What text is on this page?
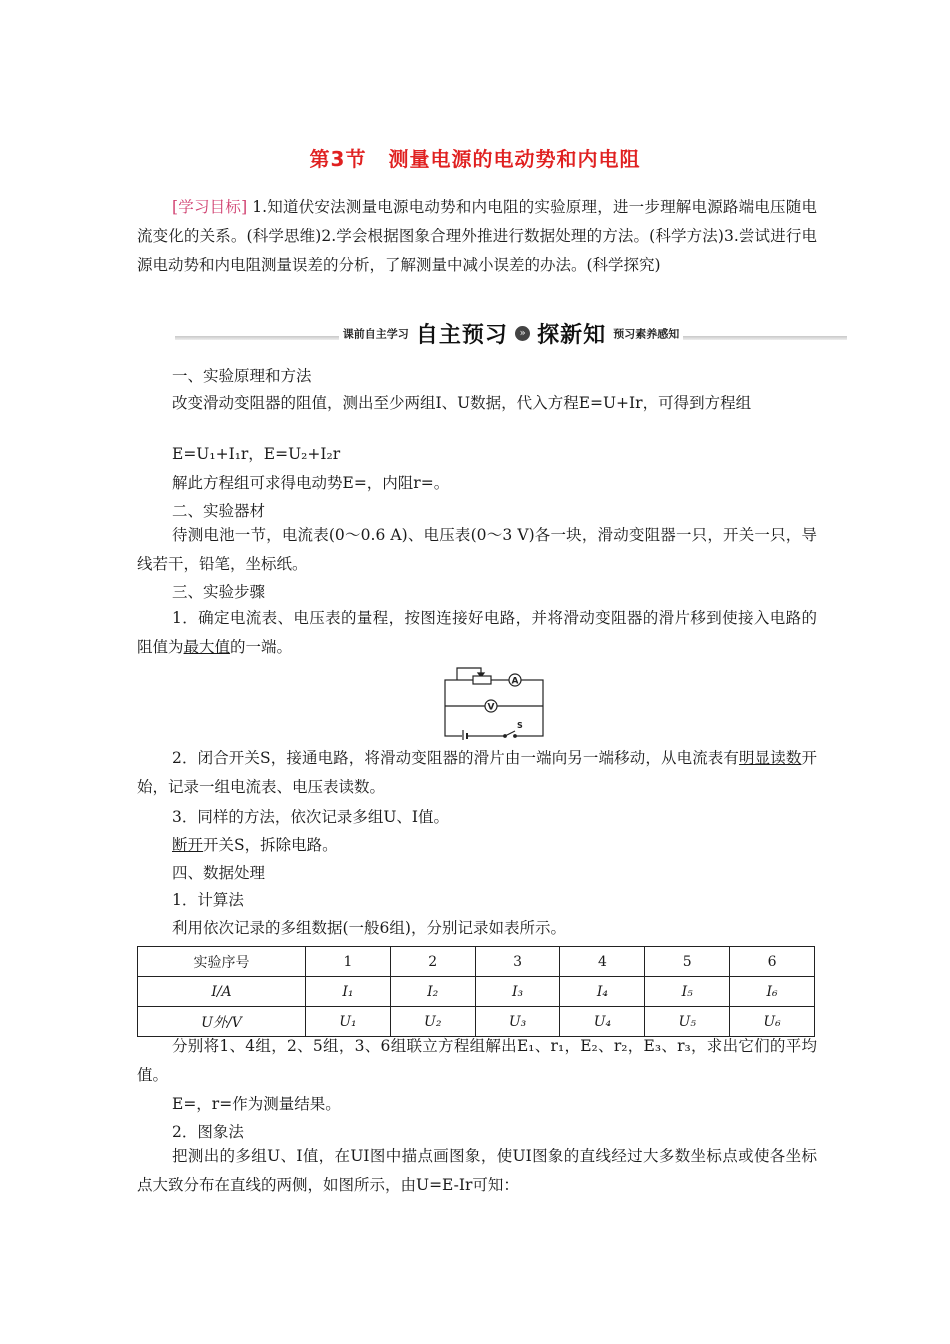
第3节 测量电源的电动势和内电阻
[学习目标] 1.知道伏安法测量电源电动势和内电阻的实验原理，进一步理解电源路端电压随电流变化的关系。(科学思维)2.学会根据图象合理外推进行数据处理的方法。(科学方法)3.尝试进行电源电动势和内电阻测量误差的分析，了解测量中减小误差的办法。(科学探究)
课前自主学习 自主预习 » 探新知 预习素养感知
一、实验原理和方法
改变滑动变阻器的阻值，测出至少两组I、U数据，代入方程E=U+Ir，可得到方程组
E=U₁+I₁r，E=U₂+I₂r
解此方程组可求得电动势E=，内阻r=。
二、实验器材
待测电池一节，电流表(0～0.6 A)、电压表(0～3 V)各一块，滑动变阻器一只，开关一只，导线若干，铅笔，坐标纸。
三、实验步骤
1．确定电流表、电压表的量程，按图连接好电路，并将滑动变阻器的滑片移到使接入电路的阻值为最大值的一端。
A
V
S
2．闭合开关S，接通电路，将滑动变阻器的滑片由一端向另一端移动，从电流表有明显读数开始，记录一组电流表、电压表读数。
3．同样的方法，依次记录多组U、I值。
断开开关S，拆除电路。
四、数据处理
1．计算法
利用依次记录的多组数据(一般6组)，分别记录如表所示。
实验序号	1	2	3	4	5	6
I/A	I₁	I₂	I₃	I₄	I₅	I₆
U外/V	U₁	U₂	U₃	U₄	U₅	U₆
分别将1、4组，2、5组，3、6组联立方程组解出E₁、r₁，E₂、r₂，E₃、r₃，求出它们的平均值。
E=，r=作为测量结果。
2．图象法
把测出的多组U、I值，在UI图中描点画图象，使UI图象的直线经过大多数坐标点或使各坐标点大致分布在直线的两侧，如图所示，由U=E-Ir可知：
